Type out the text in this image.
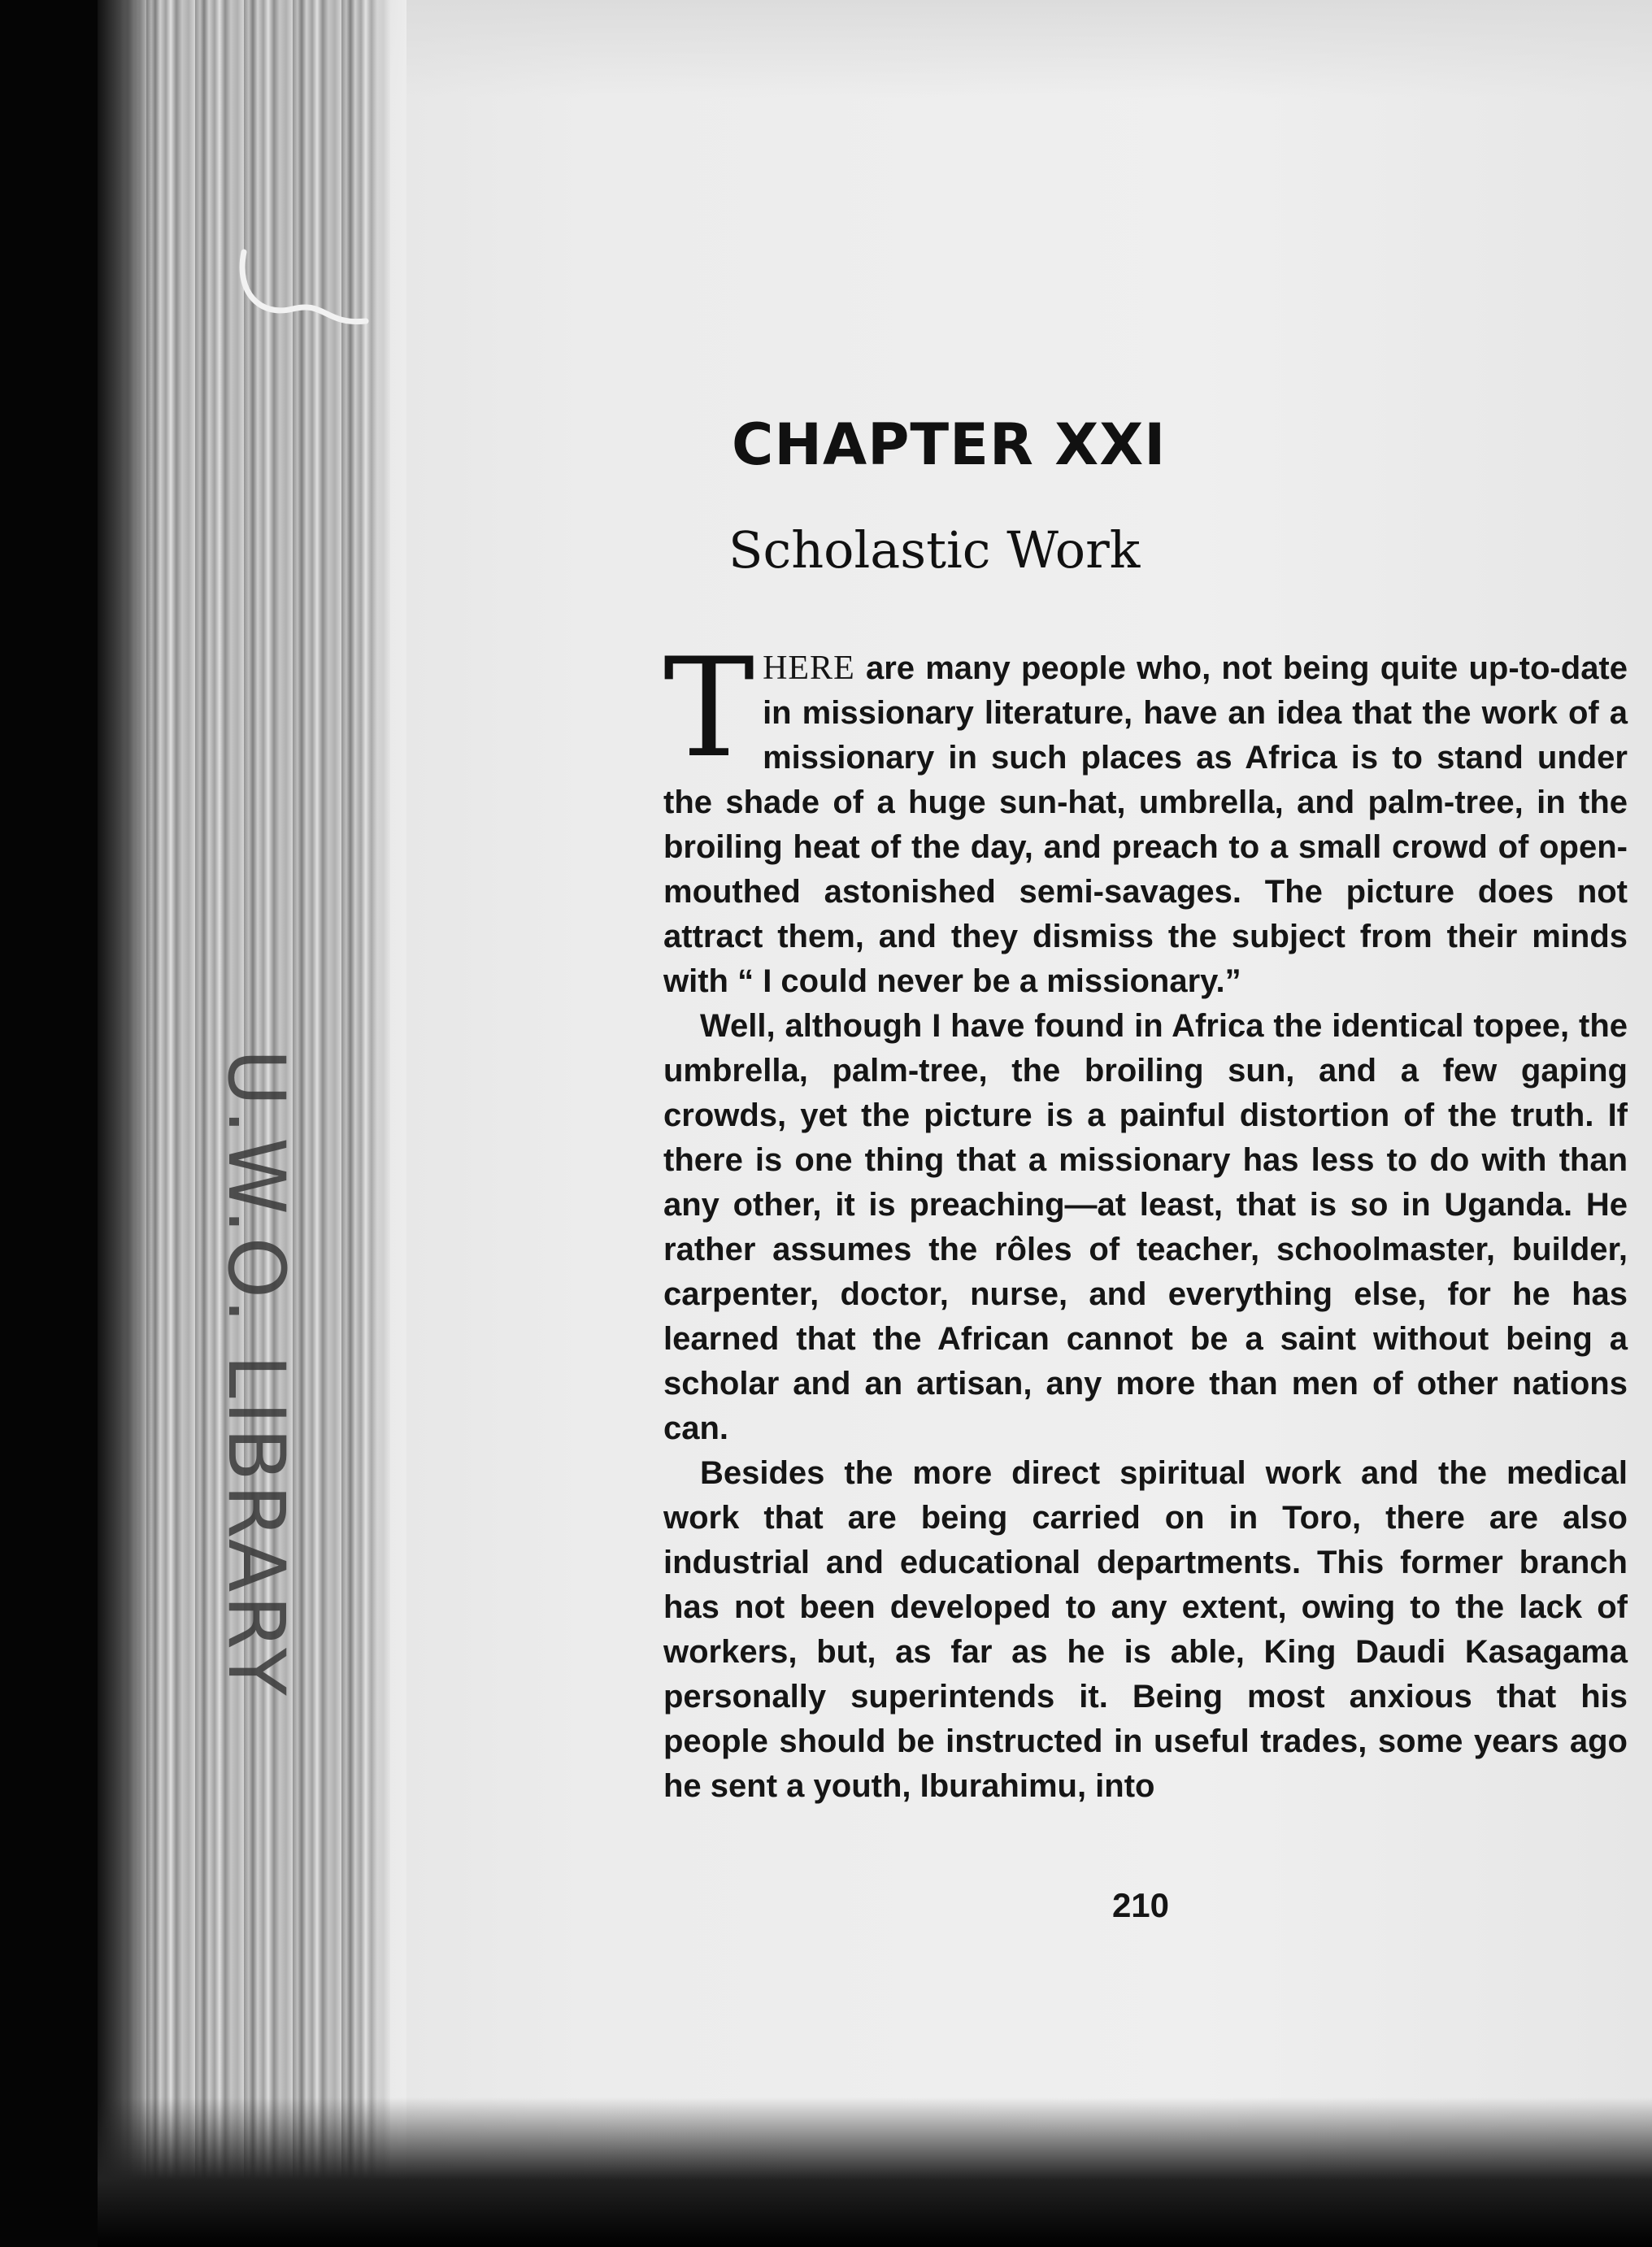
U.W.O. LIBRARY
CHAPTER XXI
Scholastic Work

THERE are many people who, not being quite up-to-date in missionary literature, have an idea that the work of a missionary in such places as Africa is to stand under the shade of a huge sun-hat, umbrella, and palm-tree, in the broiling heat of the day, and preach to a small crowd of open-mouthed astonished semi-savages. The picture does not attract them, and they dismiss the subject from their minds with “ I could never be a missionary.”

Well, although I have found in Africa the identical topee, the umbrella, palm-tree, the broiling sun, and a few gaping crowds, yet the picture is a painful distortion of the truth. If there is one thing that a missionary has less to do with than any other, it is preaching—at least, that is so in Uganda. He rather assumes the rôles of teacher, schoolmaster, builder, carpenter, doctor, nurse, and everything else, for he has learned that the African cannot be a saint without being a scholar and an artisan, any more than men of other nations can.

Besides the more direct spiritual work and the medical work that are being carried on in Toro, there are also industrial and educational departments. This former branch has not been developed to any extent, owing to the lack of workers, but, as far as he is able, King Daudi Kasagama personally superintends it. Being most anxious that his people should be instructed in useful trades, some years ago he sent a youth, Iburahimu, into

210
